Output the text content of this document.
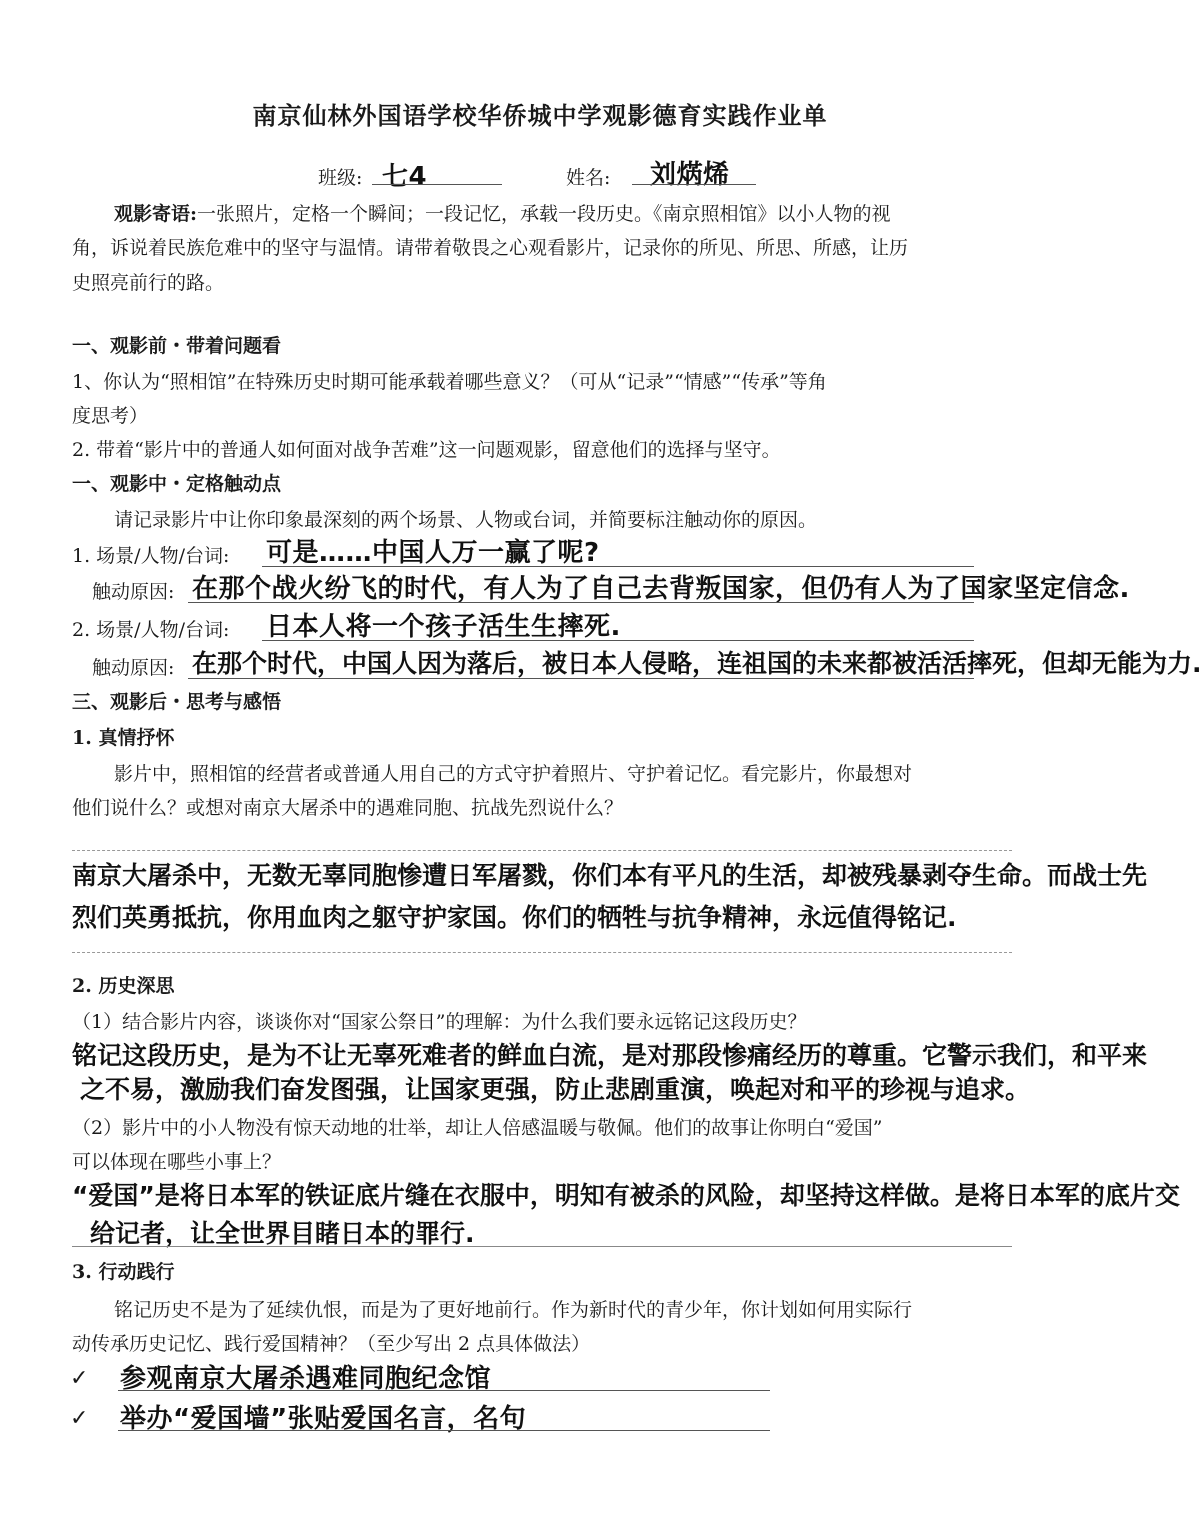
南京仙林外国语学校华侨城中学观影德育实践作业单
班级: 七4	姓名: 刘焫烯
观影寄语:一张照片，定格一个瞬间；一段记忆，承载一段历史。《南京照相馆》以小人物的视
角，诉说着民族危难中的坚守与温情。请带着敬畏之心观看影片，记录你的所见、所思、所感，让历
史照亮前行的路。
一、观影前・带着问题看
1、你认为“照相馆”在特殊历史时期可能承载着哪些意义？（可从“记录”“情感”“传承”等角
度思考）
2. 带着“影片中的普通人如何面对战争苦难”这一问题观影，留意他们的选择与坚守。
一、观影中・定格触动点
请记录影片中让你印象最深刻的两个场景、人物或台词，并简要标注触动你的原因。
1. 场景/人物/台词: 可是……中国人万一赢了呢?
触动原因: 在那个战火纷飞的时代，有人为了自己去背叛国家，但仍有人为了国家坚定信念.
2. 场景/人物/台词: 日本人将一个孩子活生生摔死.
触动原因: 在那个时代，中国人因为落后，被日本人侵略，连祖国的未来都被活活摔死，但却无能为力.
三、观影后・思考与感悟
1. 真情抒怀
影片中，照相馆的经营者或普通人用自己的方式守护着照片、守护着记忆。看完影片，你最想对
他们说什么？或想对南京大屠杀中的遇难同胞、抗战先烈说什么？
南京大屠杀中，无数无辜同胞惨遭日军屠戮，你们本有平凡的生活，却被残暴剥夺生命。而战士先
烈们英勇抵抗，你用血肉之躯守护家国。你们的牺牲与抗争精神，永远值得铭记.
2. 历史深思
（1）结合影片内容，谈谈你对“国家公祭日”的理解：为什么我们要永远铭记这段历史？
铭记这段历史，是为不让无辜死难者的鲜血白流，是对那段惨痛经历的尊重。它警示我们，和平来
之不易，激励我们奋发图强，让国家更强，防止悲剧重演，唤起对和平的珍视与追求。
（2）影片中的小人物没有惊天动地的壮举，却让人倍感温暖与敬佩。他们的故事让你明白“爱国”
可以体现在哪些小事上？
“爱国”是将日本军的铁证底片缝在衣服中，明知有被杀的风险，却坚持这样做。是将日本军的底片交
给记者，让全世界目睹日本的罪行.
3. 行动践行
铭记历史不是为了延续仇恨，而是为了更好地前行。作为新时代的青少年，你计划如何用实际行
动传承历史记忆、践行爱国精神？（至少写出 2 点具体做法）
✓ 参观南京大屠杀遇难同胞纪念馆
✓ 举办“爱国墙”张贴爱国名言，名句
